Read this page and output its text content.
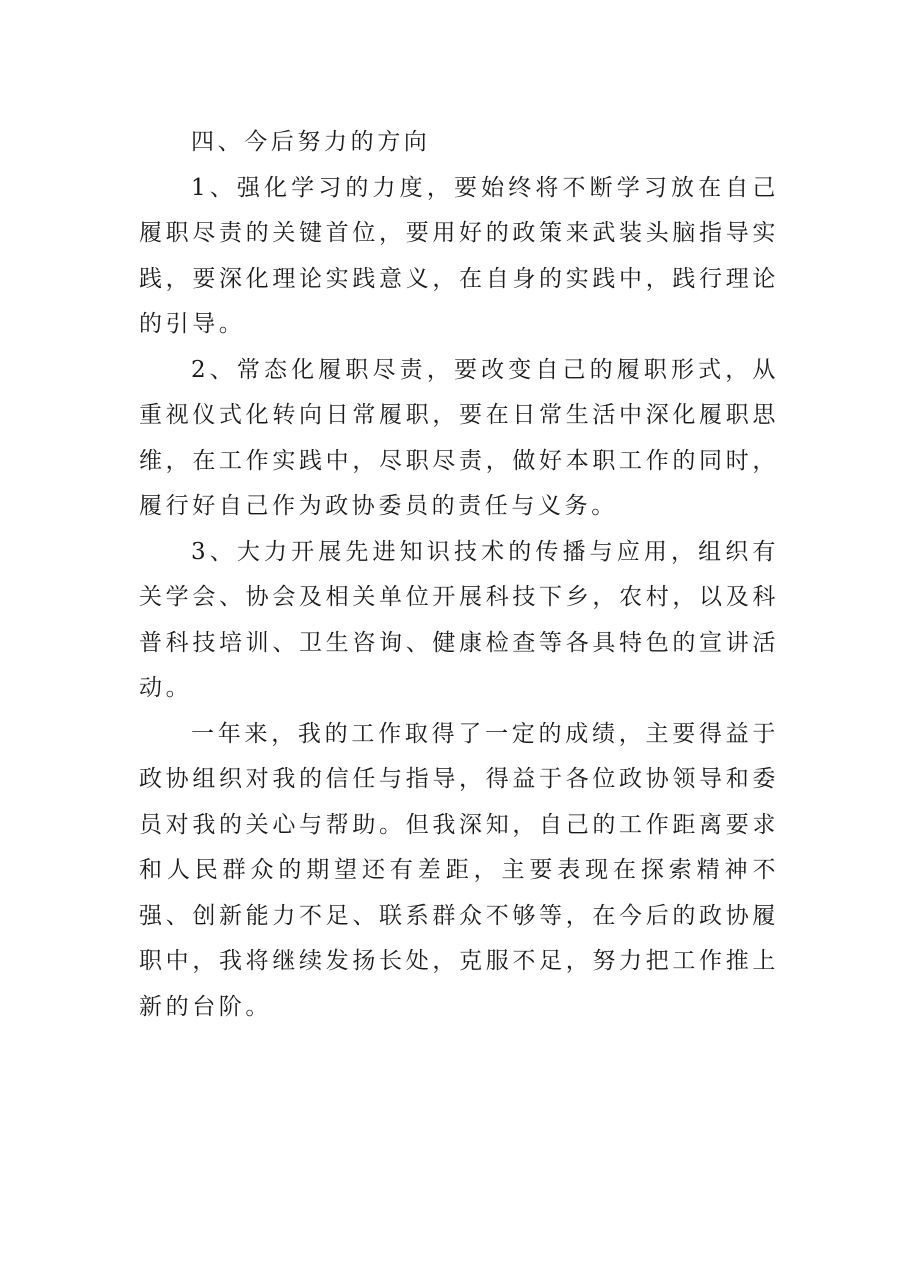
四、今后努力的方向

1、强化学习的力度，要始终将不断学习放在自己履职尽责的关键首位，要用好的政策来武装头脑指导实践，要深化理论实践意义，在自身的实践中，践行理论的引导。

2、常态化履职尽责，要改变自己的履职形式，从重视仪式化转向日常履职，要在日常生活中深化履职思维，在工作实践中，尽职尽责，做好本职工作的同时，履行好自己作为政协委员的责任与义务。

3、大力开展先进知识技术的传播与应用，组织有关学会、协会及相关单位开展科技下乡，农村，以及科普科技培训、卫生咨询、健康检查等各具特色的宣讲活动。

一年来，我的工作取得了一定的成绩，主要得益于政协组织对我的信任与指导，得益于各位政协领导和委员对我的关心与帮助。但我深知，自己的工作距离要求和人民群众的期望还有差距，主要表现在探索精神不强、创新能力不足、联系群众不够等，在今后的政协履职中，我将继续发扬长处，克服不足，努力把工作推上新的台阶。
